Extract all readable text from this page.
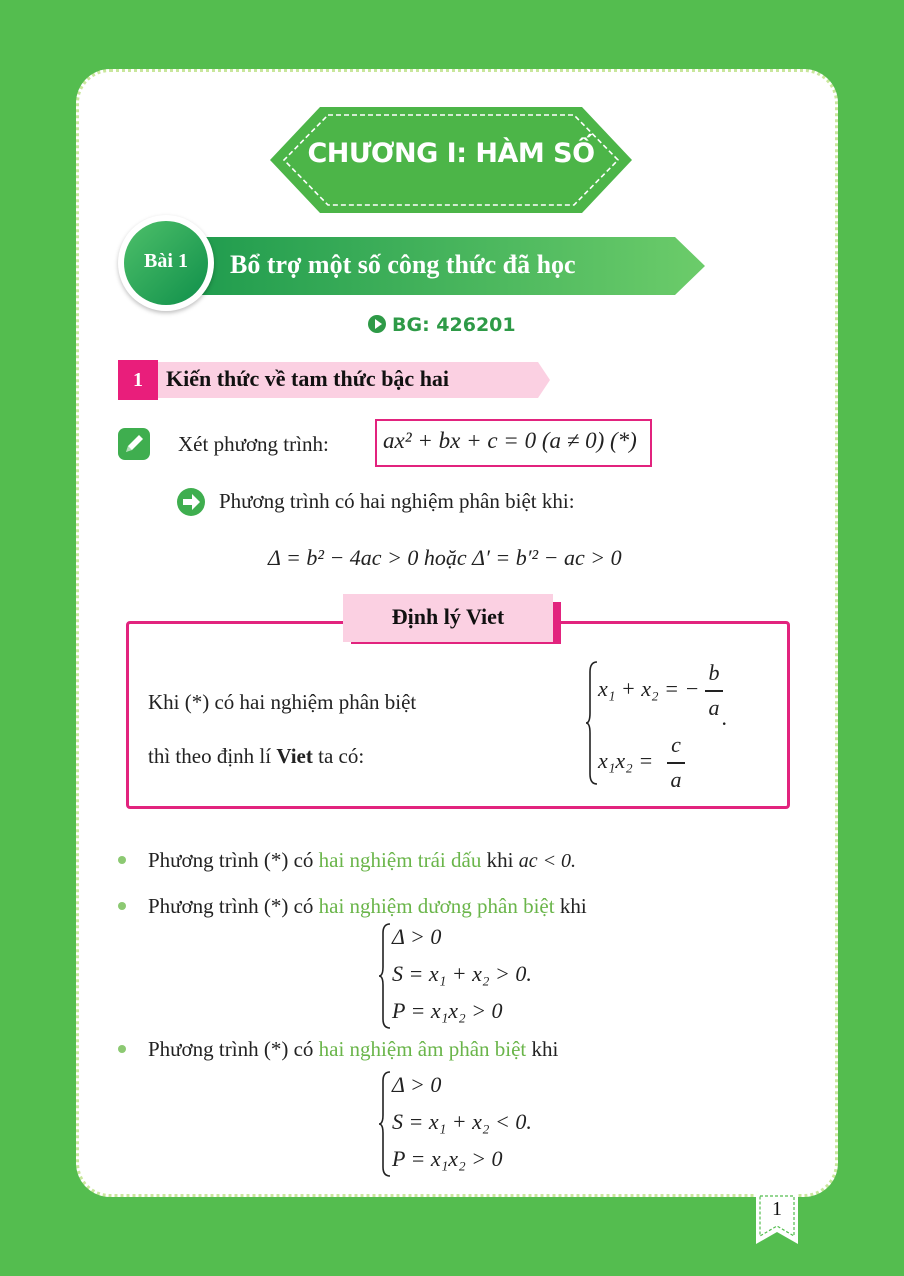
CHƯƠNG I: HÀM SỐ
Bài 1	Bổ trợ một số công thức đã học
BG: 426201
1	Kiến thức về tam thức bậc hai
Xét phương trình: ax² + bx + c = 0 (a ≠ 0) (*)
Phương trình có hai nghiệm phân biệt khi:
Δ = b² − 4ac > 0 hoặc Δ′ = b′² − ac > 0
Định lý Viet
Khi (*) có hai nghiệm phân biệt
thì theo định lí Viet ta có:
x₁ + x₂ = −
b
a .
x₁x₂ =
c
a
Phương trình (*) có hai nghiệm trái dấu khi ac < 0.
Phương trình (*) có hai nghiệm dương phân biệt khi
Δ > 0
S = x₁ + x₂ > 0.
P = x₁x₂ > 0
Phương trình (*) có hai nghiệm âm phân biệt khi
Δ > 0
S = x₁ + x₂ < 0.
P = x₁x₂ > 0
1
